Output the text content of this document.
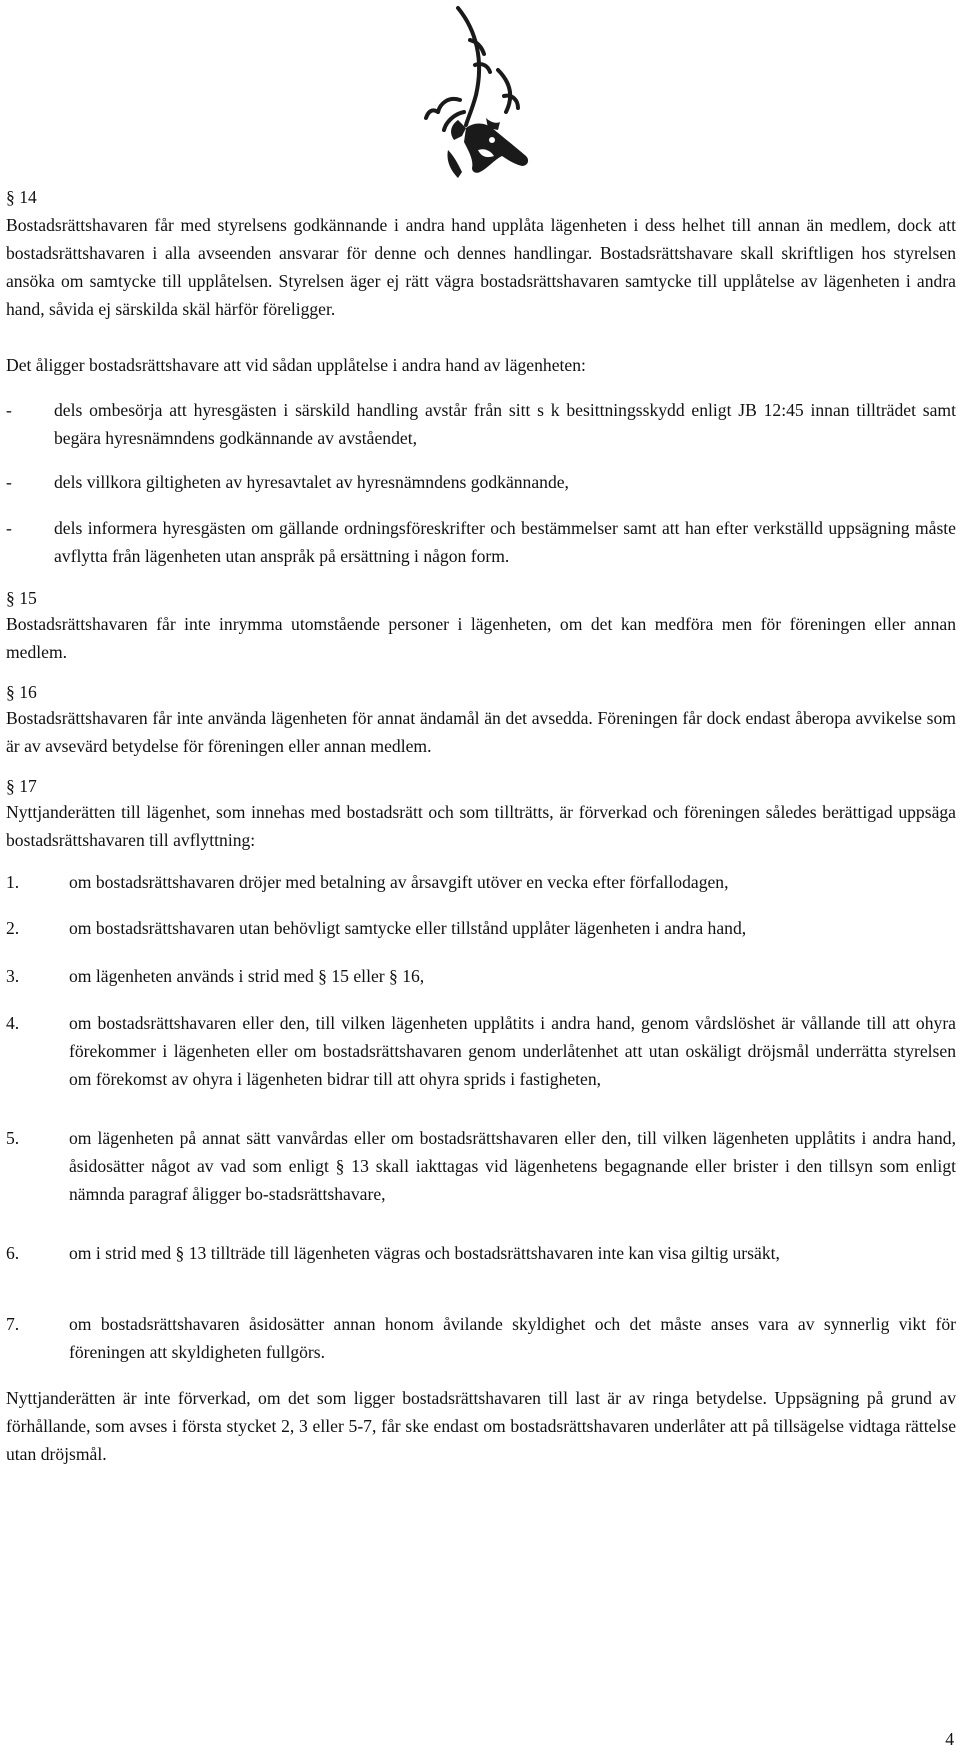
§ 14
Bostadsrättshavaren får med styrelsens godkännande i andra hand upplåta lägenheten i dess helhet till annan än medlem, dock att bostadsrättshavaren i alla avseenden ansvarar för denne och dennes handlingar. Bostadsrättshavare skall skriftligen hos styrelsen ansöka om samtycke till upplåtelsen. Styrelsen äger ej rätt vägra bostadsrättshavaren samtycke till upplåtelse av lägenheten i andra hand, såvida ej särskilda skäl härför föreligger.
Det åligger bostadsrättshavare att vid sådan upplåtelse i andra hand av lägenheten:
-	dels ombesörja att hyresgästen i särskild handling avstår från sitt s k besittningsskydd enligt JB 12:45 innan tillträdet samt begära hyresnämndens godkännande av avståendet,
-	dels villkora giltigheten av hyresavtalet av hyresnämndens godkännande,
-	dels informera hyresgästen om gällande ordningsföreskrifter och bestämmelser samt att han efter verkställd uppsägning måste avflytta från lägenheten utan anspråk på ersättning i någon form.
§ 15
Bostadsrättshavaren får inte inrymma utomstående personer i lägenheten, om det kan medföra men för föreningen eller annan medlem.
§ 16
Bostadsrättshavaren får inte använda lägenheten för annat ändamål än det avsedda. Föreningen får dock endast åberopa avvikelse som är av avsevärd betydelse för föreningen eller annan medlem.
§ 17
Nyttjanderätten till lägenhet, som innehas med bostadsrätt och som tillträtts, är förverkad och föreningen således berättigad uppsäga bostadsrättshavaren till avflyttning:
1.	om bostadsrättshavaren dröjer med betalning av årsavgift utöver en vecka efter förfallodagen,
2.	om bostadsrättshavaren utan behövligt samtycke eller tillstånd upplåter lägenheten i andra hand,
3.	om lägenheten används i strid med § 15 eller § 16,
4.	om bostadsrättshavaren eller den, till vilken lägenheten upplåtits i andra hand, genom vårdslöshet är vållande till att ohyra förekommer i lägenheten eller om bostadsrättshavaren genom underlåtenhet att utan oskäligt dröjsmål underrätta styrelsen om förekomst av ohyra i lägenheten bidrar till att ohyra sprids i fastigheten,
5.	om lägenheten på annat sätt vanvårdas eller om bostadsrättshavaren eller den, till vilken lägenheten upplåtits i andra hand, åsidosätter något av vad som enligt § 13 skall iakttagas vid lägenhetens begagnande eller brister i den tillsyn som enligt nämnda paragraf åligger bo-stadsrättshavare,
6.	om i strid med § 13 tillträde till lägenheten vägras och bostadsrättshavaren inte kan visa giltig ursäkt,
7.	om bostadsrättshavaren åsidosätter annan honom åvilande skyldighet och det måste anses vara av synnerlig vikt för föreningen att skyldigheten fullgörs.
Nyttjanderätten är inte förverkad, om det som ligger bostadsrättshavaren till last är av ringa betydelse. Uppsägning på grund av förhållande, som avses i första stycket 2, 3 eller 5-7, får ske endast om bostadsrättshavaren underlåter att på tillsägelse vidtaga rättelse utan dröjsmål.
4
